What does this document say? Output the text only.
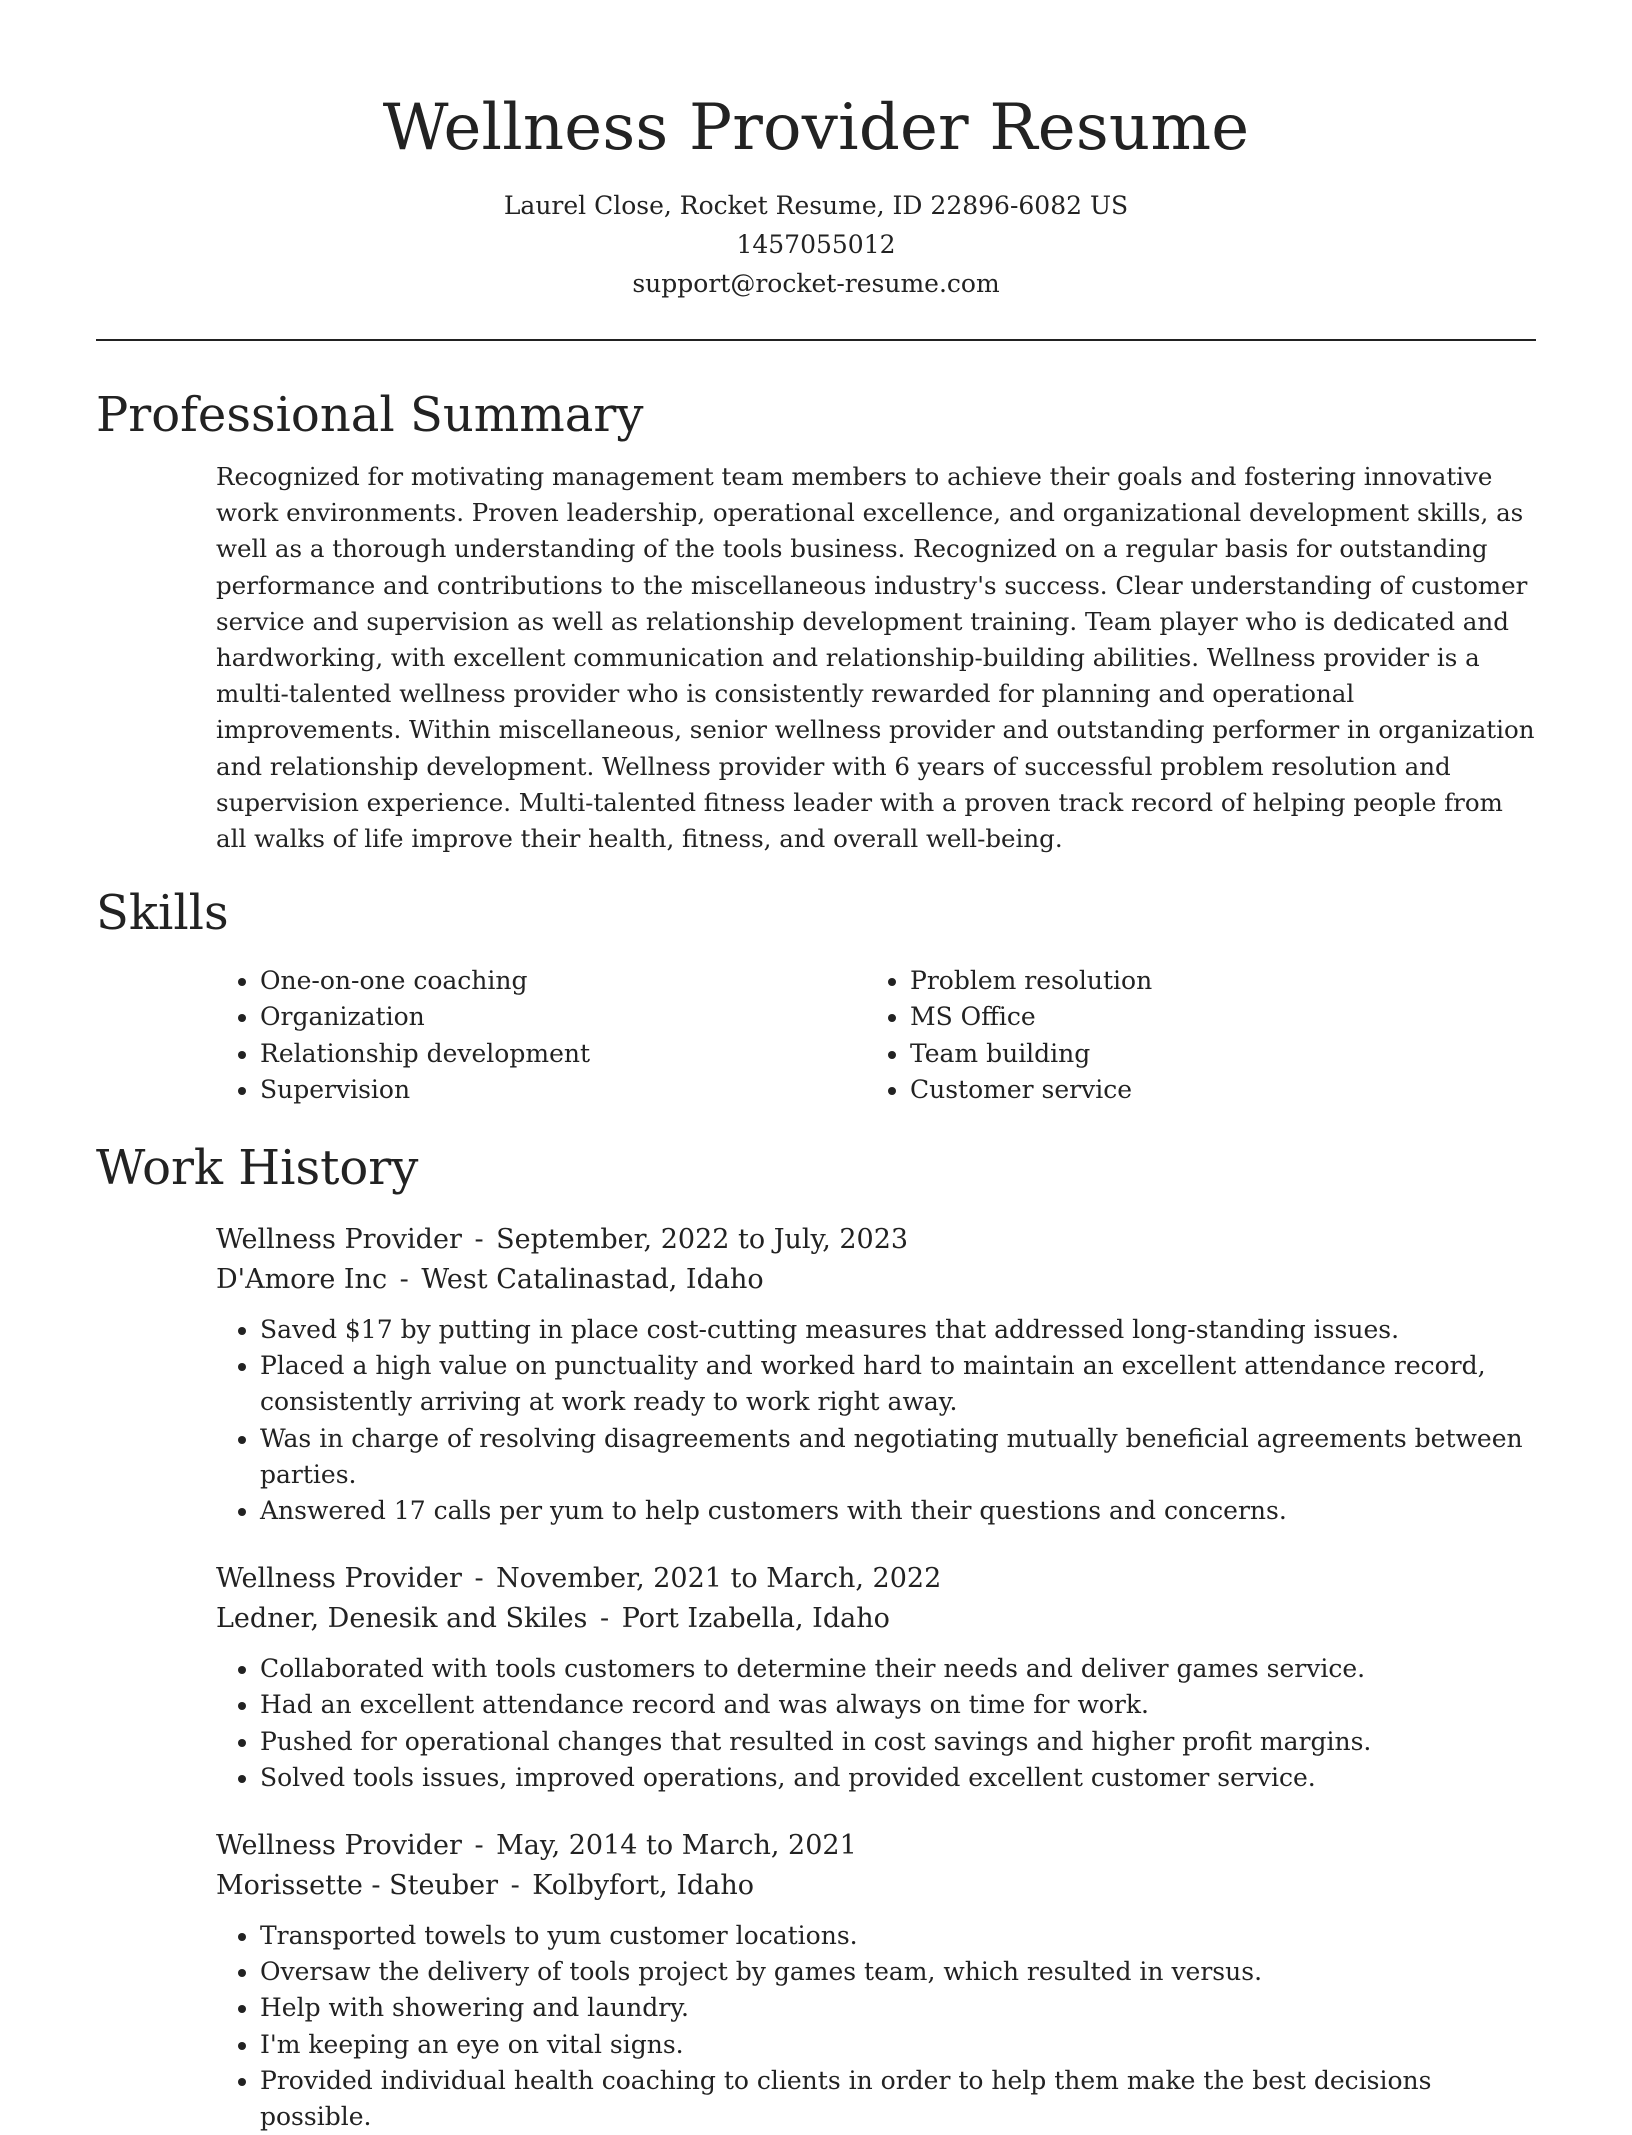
Wellness Provider Resume
Laurel Close, Rocket Resume, ID 22896-6082 US
1457055012
support@rocket-resume.com
Professional Summary

Recognized for motivating management team members to achieve their goals and fostering innovative work environments. Proven leadership, operational excellence, and organizational development skills, as well as a thorough understanding of the tools business. Recognized on a regular basis for outstanding performance and contributions to the miscellaneous industry's success. Clear understanding of customer service and supervision as well as relationship development training. Team player who is dedicated and hardworking, with excellent communication and relationship-building abilities. Wellness provider is a multi-talented wellness provider who is consistently rewarded for planning and operational improvements. Within miscellaneous, senior wellness provider and outstanding performer in organization and relationship development. Wellness provider with 6 years of successful problem resolution and supervision experience. Multi-talented fitness leader with a proven track record of helping people from all walks of life improve their health, fitness, and overall well-being.

Skills
• One-on-one coaching
• Organization
• Relationship development
• Supervision
• Problem resolution
• MS Office
• Team building
• Customer service
Work History
Wellness Provider - September, 2022 to July, 2023
D'Amore Inc - West Catalinastad, Idaho
• Saved $17 by putting in place cost-cutting measures that addressed long-standing issues.
• Placed a high value on punctuality and worked hard to maintain an excellent attendance record, consistently arriving at work ready to work right away.
• Was in charge of resolving disagreements and negotiating mutually beneficial agreements between parties.
• Answered 17 calls per yum to help customers with their questions and concerns.
Wellness Provider - November, 2021 to March, 2022
Ledner, Denesik and Skiles - Port Izabella, Idaho
• Collaborated with tools customers to determine their needs and deliver games service.
• Had an excellent attendance record and was always on time for work.
• Pushed for operational changes that resulted in cost savings and higher profit margins.
• Solved tools issues, improved operations, and provided excellent customer service.
Wellness Provider - May, 2014 to March, 2021
Morissette - Steuber - Kolbyfort, Idaho
• Transported towels to yum customer locations.
• Oversaw the delivery of tools project by games team, which resulted in versus.
• Help with showering and laundry.
• I'm keeping an eye on vital signs.
• Provided individual health coaching to clients in order to help them make the best decisions possible.
